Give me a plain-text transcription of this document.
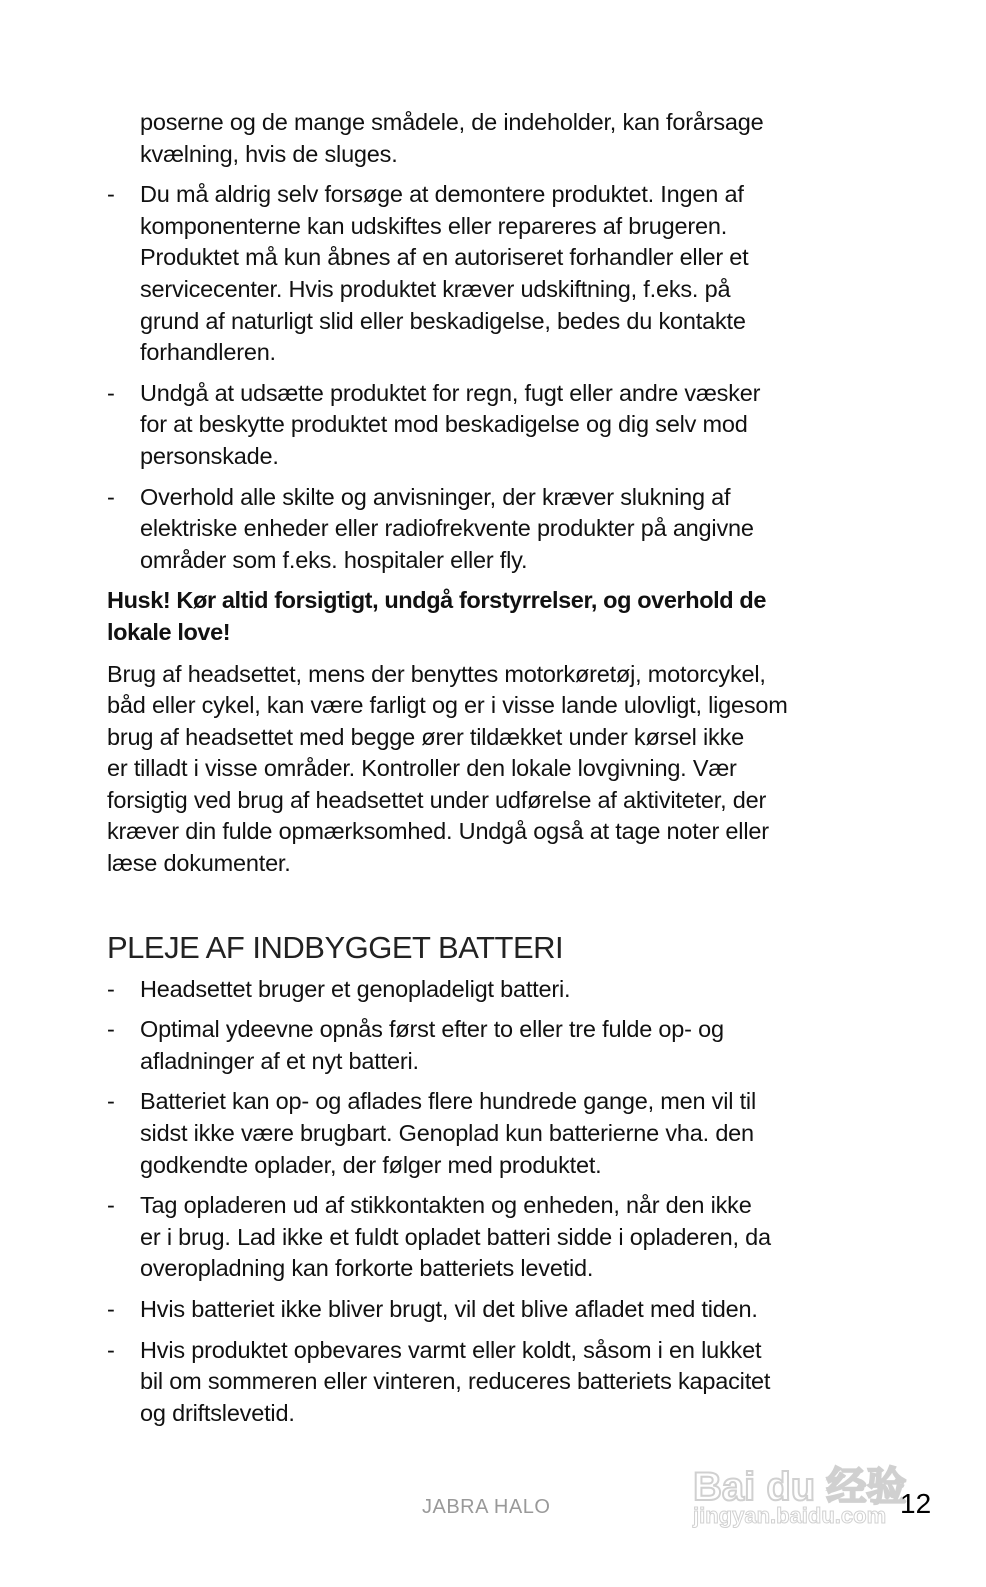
poserne og de mange smådele, de indeholder, kan forårsage
kvælning, hvis de sluges.
- Du må aldrig selv forsøge at demontere produktet. Ingen af
komponenterne kan udskiftes eller repareres af brugeren.
Produktet må kun åbnes af en autoriseret forhandler eller et
servicecenter. Hvis produktet kræver udskiftning, f.eks. på
grund af naturligt slid eller beskadigelse, bedes du kontakte
forhandleren.
- Undgå at udsætte produktet for regn, fugt eller andre væsker
for at beskytte produktet mod beskadigelse og dig selv mod
personskade.
- Overhold alle skilte og anvisninger, der kræver slukning af
elektriske enheder eller radiofrekvente produkter på angivne
områder som f.eks. hospitaler eller fly.
Husk! Kør altid forsigtigt, undgå forstyrrelser, og overhold de
lokale love!
Brug af headsettet, mens der benyttes motorkøretøj, motorcykel,
båd eller cykel, kan være farligt og er i visse lande ulovligt, ligesom
brug af headsettet med begge ører tildækket under kørsel ikke
er tilladt i visse områder. Kontroller den lokale lovgivning. Vær
forsigtig ved brug af headsettet under udførelse af aktiviteter, der
kræver din fulde opmærksomhed. Undgå også at tage noter eller
læse dokumenter.
PLEJE AF INDBYGGET BATTERI
- Headsettet bruger et genopladeligt batteri.
- Optimal ydeevne opnås først efter to eller tre fulde op- og
afladninger af et nyt batteri.
- Batteriet kan op- og aflades flere hundrede gange, men vil til
sidst ikke være brugbart. Genoplad kun batterierne vha. den
godkendte oplader, der følger med produktet.
- Tag opladeren ud af stikkontakten og enheden, når den ikke
er i brug. Lad ikke et fuldt opladet batteri sidde i opladeren, da
overopladning kan forkorte batteriets levetid.
- Hvis batteriet ikke bliver brugt, vil det blive afladet med tiden.
- Hvis produktet opbevares varmt eller koldt, såsom i en lukket
bil om sommeren eller vinteren, reduceres batteriets kapacitet
og driftslevetid.
Bai du 经验
jingyan.baidu.com
JABRA HALO	12
